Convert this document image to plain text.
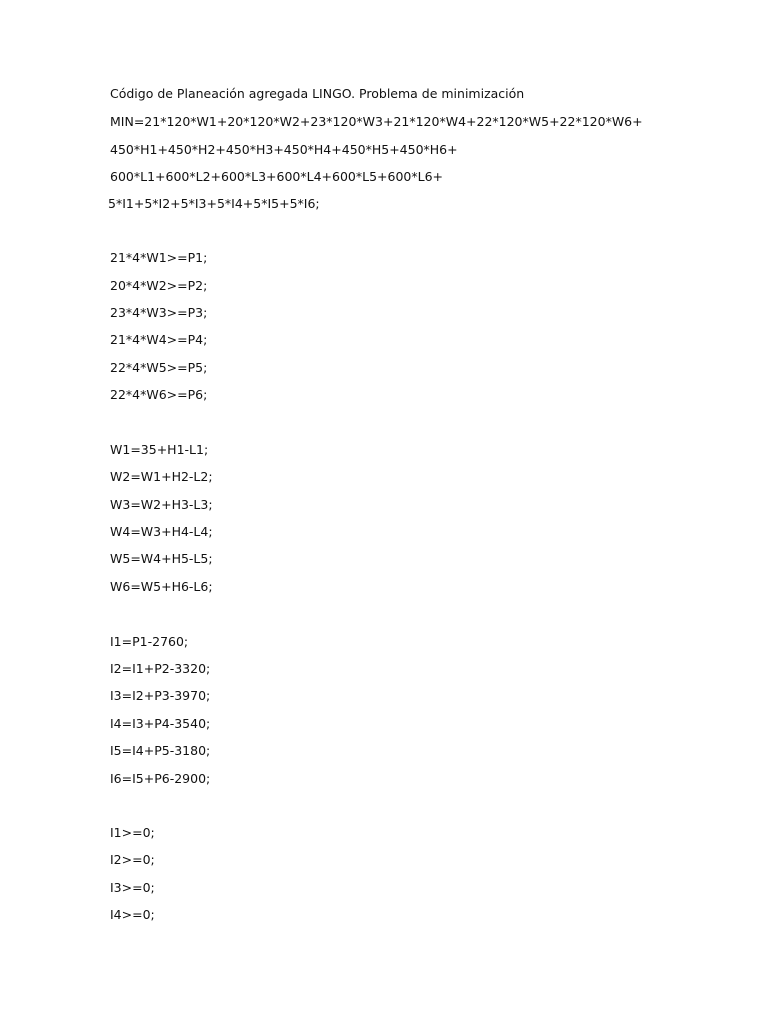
Código de Planeación agregada LINGO. Problema de minimización
MIN=21*120*W1+20*120*W2+23*120*W3+21*120*W4+22*120*W5+22*120*W6+
450*H1+450*H2+450*H3+450*H4+450*H5+450*H6+
600*L1+600*L2+600*L3+600*L4+600*L5+600*L6+
5*I1+5*I2+5*I3+5*I4+5*I5+5*I6;
21*4*W1>=P1;
20*4*W2>=P2;
23*4*W3>=P3;
21*4*W4>=P4;
22*4*W5>=P5;
22*4*W6>=P6;
W1=35+H1-L1;
W2=W1+H2-L2;
W3=W2+H3-L3;
W4=W3+H4-L4;
W5=W4+H5-L5;
W6=W5+H6-L6;
I1=P1-2760;
I2=I1+P2-3320;
I3=I2+P3-3970;
I4=I3+P4-3540;
I5=I4+P5-3180;
I6=I5+P6-2900;
I1>=0;
I2>=0;
I3>=0;
I4>=0;
